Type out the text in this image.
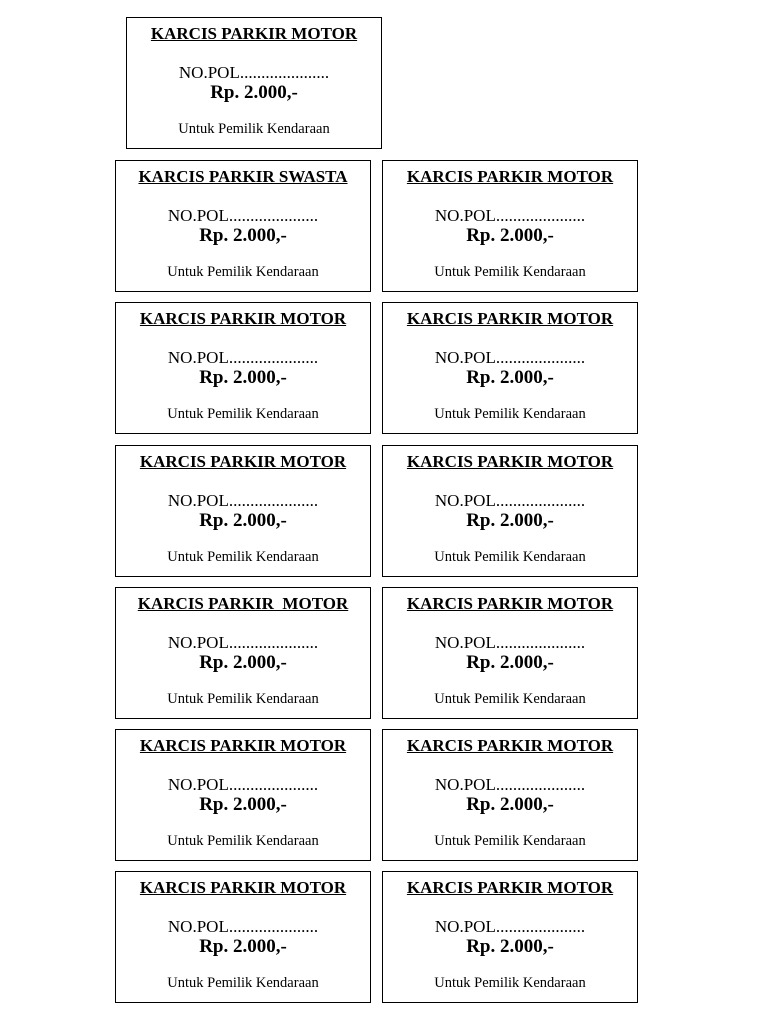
KARCIS PARKIR MOTOR
NO.POL.....................
Rp. 2.000,-
Untuk Pemilik Kendaraan
KARCIS PARKIR SWASTA
NO.POL.....................
Rp. 2.000,-
Untuk Pemilik Kendaraan
KARCIS PARKIR MOTOR
NO.POL.....................
Rp. 2.000,-
Untuk Pemilik Kendaraan
KARCIS PARKIR MOTOR
NO.POL.....................
Rp. 2.000,-
Untuk Pemilik Kendaraan
KARCIS PARKIR MOTOR
NO.POL.....................
Rp. 2.000,-
Untuk Pemilik Kendaraan
KARCIS PARKIR MOTOR
NO.POL.....................
Rp. 2.000,-
Untuk Pemilik Kendaraan
KARCIS PARKIR MOTOR
NO.POL.....................
Rp. 2.000,-
Untuk Pemilik Kendaraan
KARCIS PARKIR  MOTOR
NO.POL.....................
Rp. 2.000,-
Untuk Pemilik Kendaraan
KARCIS PARKIR MOTOR
NO.POL.....................
Rp. 2.000,-
Untuk Pemilik Kendaraan
KARCIS PARKIR MOTOR
NO.POL.....................
Rp. 2.000,-
Untuk Pemilik Kendaraan
KARCIS PARKIR MOTOR
NO.POL.....................
Rp. 2.000,-
Untuk Pemilik Kendaraan
KARCIS PARKIR MOTOR
NO.POL.....................
Rp. 2.000,-
Untuk Pemilik Kendaraan
KARCIS PARKIR MOTOR
NO.POL.....................
Rp. 2.000,-
Untuk Pemilik Kendaraan
